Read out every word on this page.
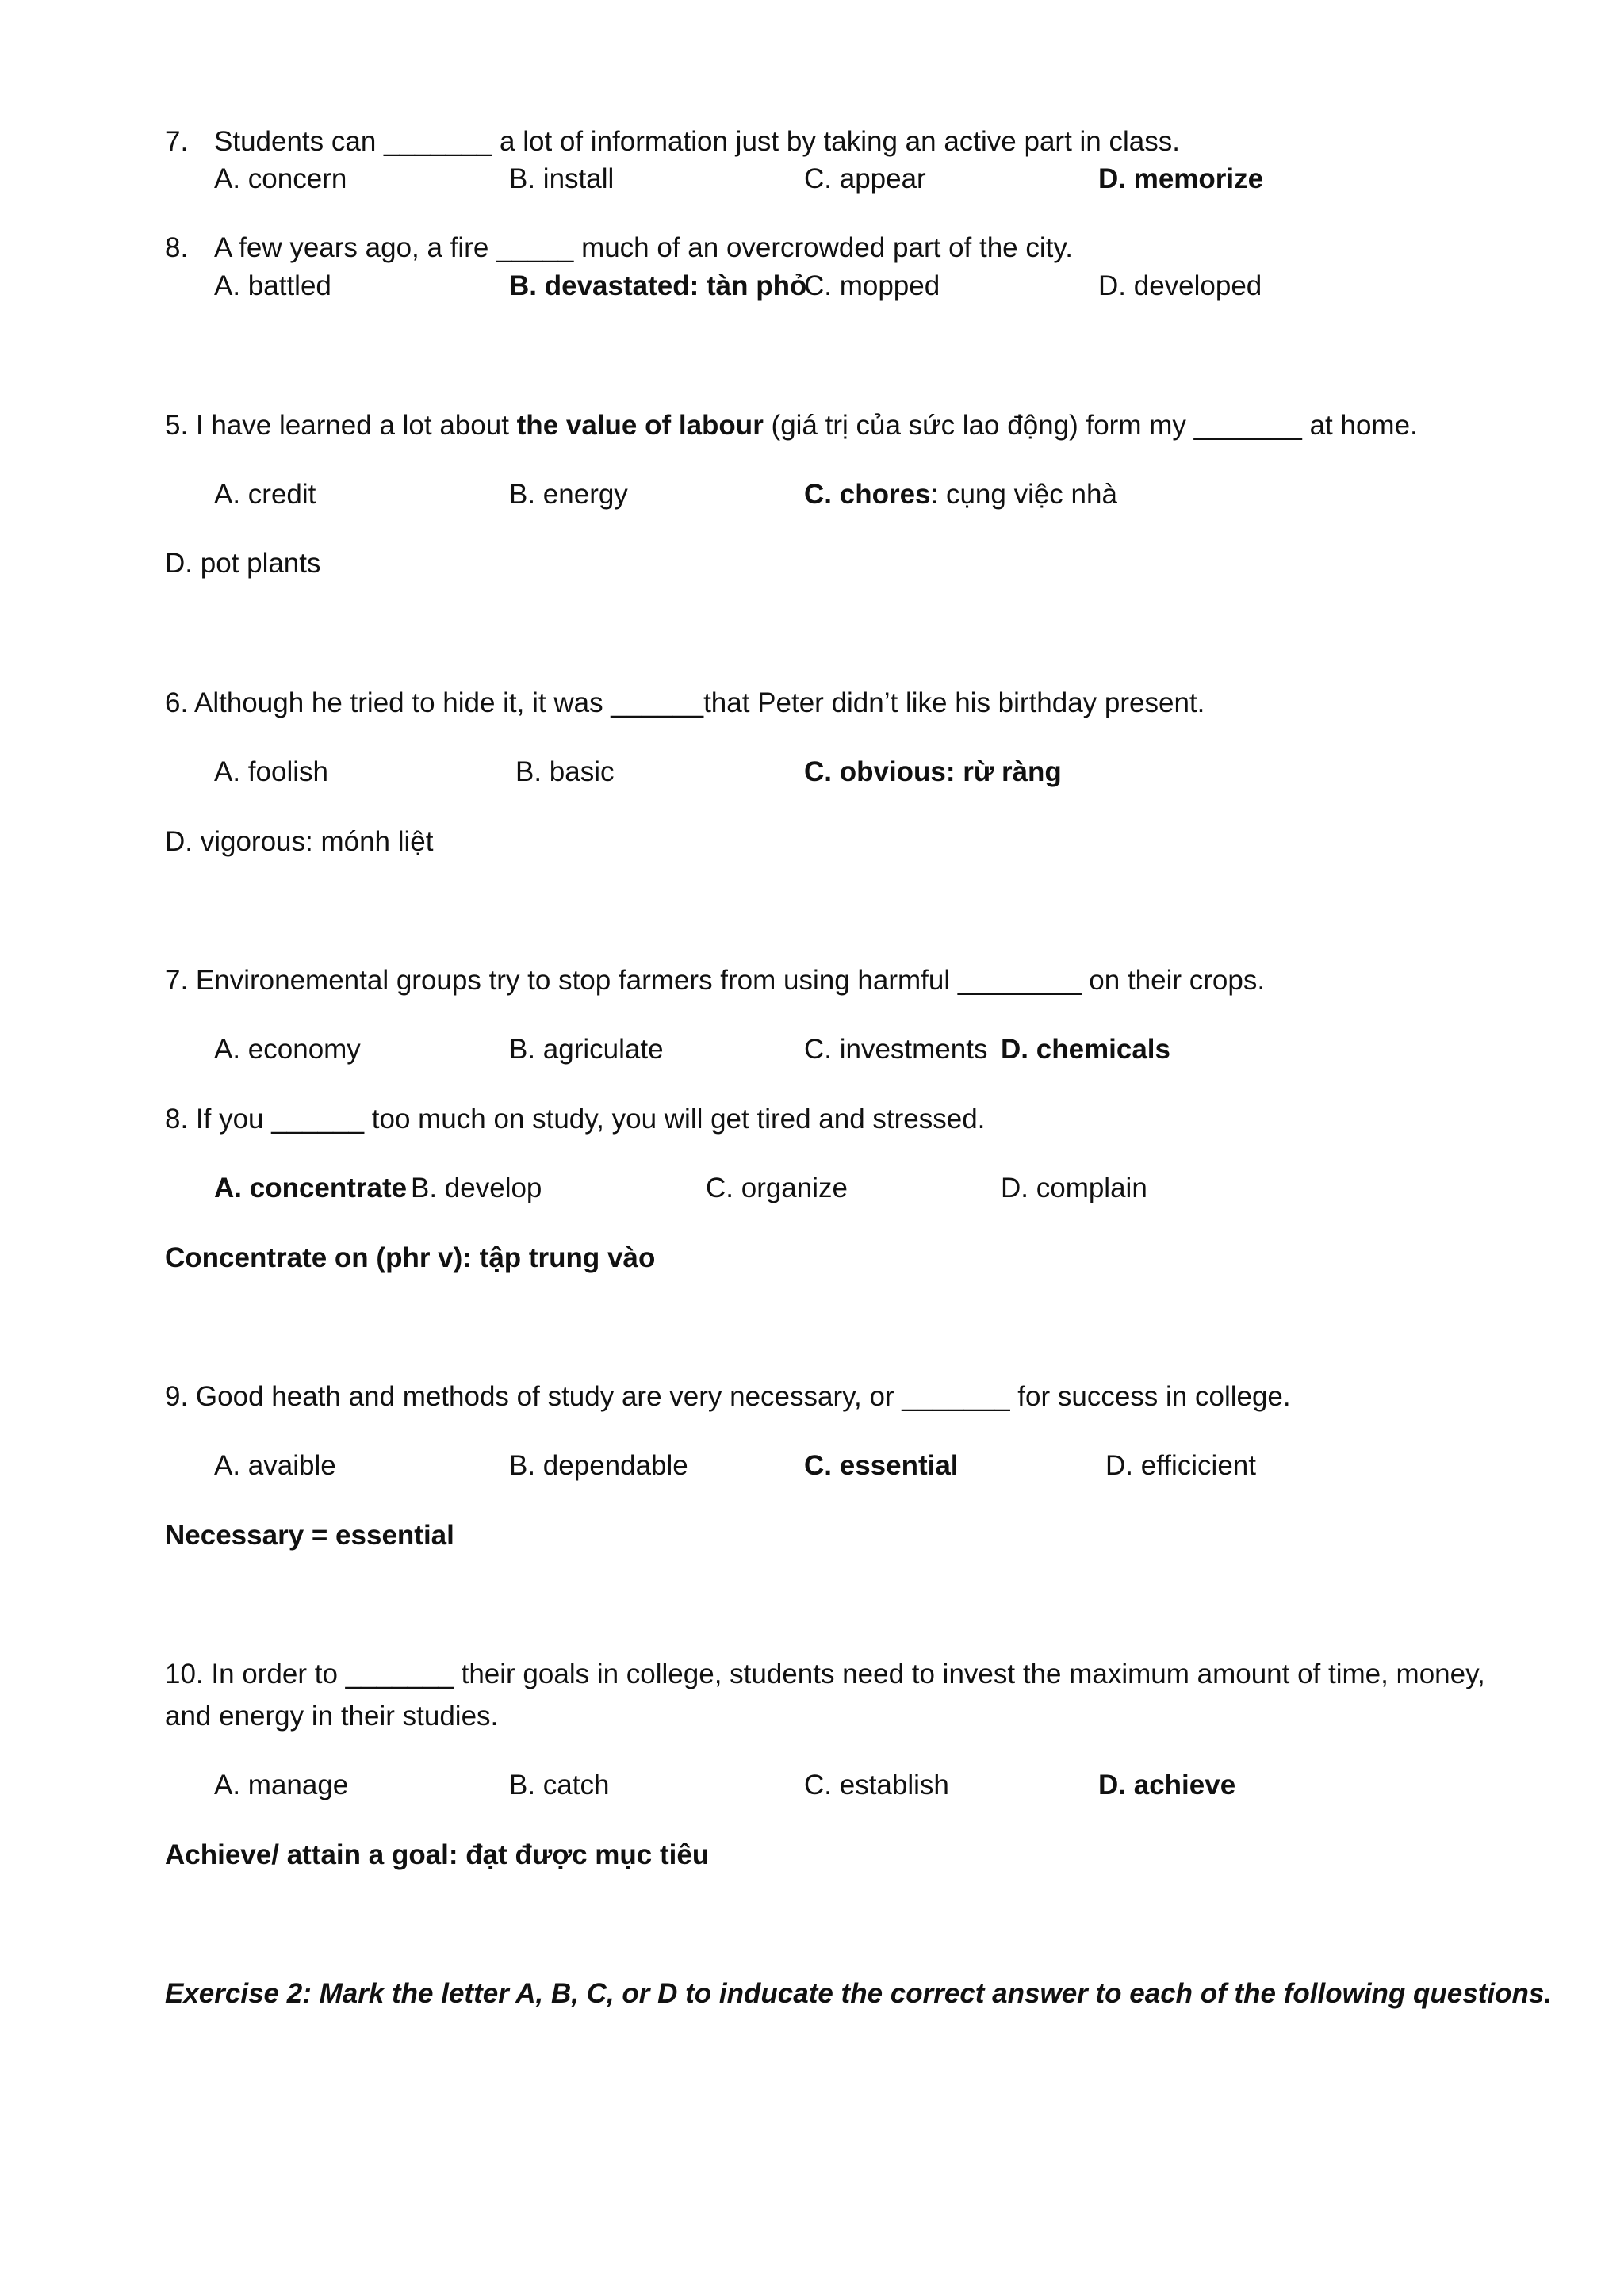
7. Students can _______ a lot of information just by taking an active part in class.
A. concern	B. install	C. appear	D. memorize
8. A few years ago, a fire _____ much of an overcrowded part of the city.
A. battled	B. devastated: tàn phỏ
C. mopped	D. developed
5. I have learned a lot about the value of labour (giá trị của sức lao động) form my _______ at home.
A. credit	B. energy	C. chores: cụng việc nhà
D. pot plants
6. Although he tried to hide it, it was ______that Peter didn’t like his birthday present.
A. foolish	B. basic	C. obvious: rừ ràng
D. vigorous: mónh liệt
7. Environemental groups try to stop farmers from using harmful ________ on their crops.
A. economy	B. agriculate	C. investments D. chemicals
8. If you ______ too much on study, you will get tired and stressed.
A. concentrate B. develop	C. organize	D. complain
Concentrate on (phr v): tập trung vào
9. Good heath and methods of study are very necessary, or _______ for success in college.
A. avaible	B. dependable	C. essential	D. efficicient
Necessary = essential
10. In order to _______ their goals in college, students need to invest the maximum amount of time, money,
and energy in their studies.
A. manage	B. catch	C. establish	D. achieve
Achieve/ attain a goal: đạt được mục tiêu
Exercise 2: Mark the letter A, B, C, or D to inducate the correct answer to each of the following questions.
